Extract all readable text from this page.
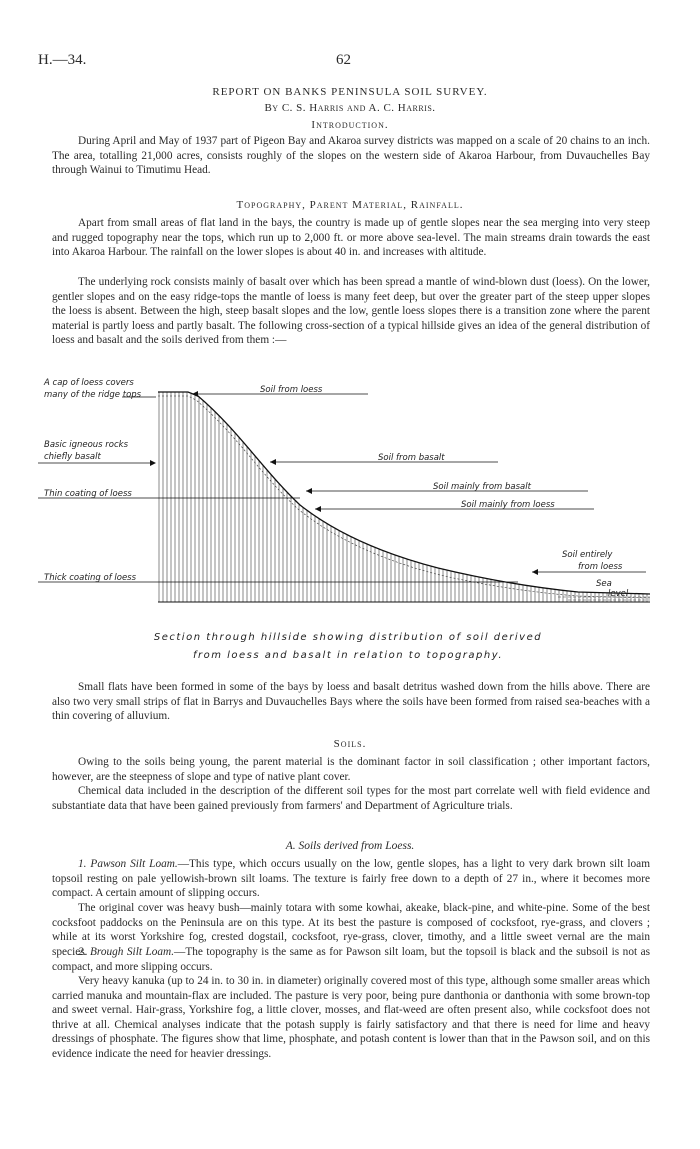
H.—34.	62
REPORT ON BANKS PENINSULA SOIL SURVEY.
By C. S. Harris and A. C. Harris.
Introduction.

During April and May of 1937 part of Pigeon Bay and Akaroa survey districts was mapped on a scale of 20 chains to an inch. The area, totalling 21,000 acres, consists roughly of the slopes on the western side of Akaroa Harbour, from Duvauchelles Bay through Wainui to Timutimu Head.

Topography, Parent Material, Rainfall.

Apart from small areas of flat land in the bays, the country is made up of gentle slopes near the sea merging into very steep and rugged topography near the tops, which run up to 2,000 ft. or more above sea-level. The main streams drain towards the east into Akaroa Harbour. The rainfall on the lower slopes is about 40 in. and increases with altitude.

The underlying rock consists mainly of basalt over which has been spread a mantle of wind-blown dust (loess). On the lower, gentler slopes and on the easy ridge-tops the mantle of loess is many feet deep, but over the greater part of the steep upper slopes the loess is absent. Between the high, steep basalt slopes and the low, gentle loess slopes there is a transition zone where the parent material is partly loess and partly basalt. The following cross-section of a typical hillside gives an idea of the general distribution of loess and basalt and the soils derived from them :—

A cap of loess covers
many of the ridge tops
Basic igneous rocks
chiefly basalt
Thin coating of loess
Thick coating of loess
Soil from loess
Soil from basalt
Soil mainly from basalt
Soil mainly from loess
Soil entirely
from loess
Sea
level
Section through hillside showing distribution of soil derived
from loess and basalt in relation to topography.

Small flats have been formed in some of the bays by loess and basalt detritus washed down from the hills above. There are also two very small strips of flat in Barrys and Duvauchelles Bays where the soils have been formed from raised sea-beaches with a thin covering of alluvium.

Soils.

Owing to the soils being young, the parent material is the dominant factor in soil classification ; other important factors, however, are the steepness of slope and type of native plant cover.

Chemical data included in the description of the different soil types for the most part correlate well with field evidence and substantiate data that have been gained previously from farmers' and Department of Agriculture trials.

A. Soils derived from Loess.

1. Pawson Silt Loam.—This type, which occurs usually on the low, gentle slopes, has a light to very dark brown silt loam topsoil resting on pale yellowish-brown silt loams. The texture is fairly free down to a depth of 27 in., where it becomes more compact. A certain amount of slipping occurs.

The original cover was heavy bush—mainly totara with some kowhai, akeake, black-pine, and white-pine. Some of the best cocksfoot paddocks on the Peninsula are on this type. At its best the pasture is composed of cocksfoot, rye-grass, and clovers ; while at its worst Yorkshire fog, crested dogstail, cocksfoot, rye-grass, clover, timothy, and a little sweet vernal are the main species.

2. Brough Silt Loam.—The topography is the same as for Pawson silt loam, but the topsoil is black and the subsoil is not as compact, and more slipping occurs.

Very heavy kanuka (up to 24 in. to 30 in. in diameter) originally covered most of this type, although some smaller areas which carried manuka and mountain-flax are included. The pasture is very poor, being pure danthonia or danthonia with some brown-top and sweet vernal. Hair-grass, Yorkshire fog, a little clover, mosses, and flat-weed are often present also, while cocksfoot does not thrive at all. Chemical analyses indicate that the potash supply is fairly satisfactory and that there is need for lime and heavy dressings of phosphate. The figures show that lime, phosphate, and potash content is lower than that in the Pawson soil, and on this evidence indicate the need for heavier dressings.
